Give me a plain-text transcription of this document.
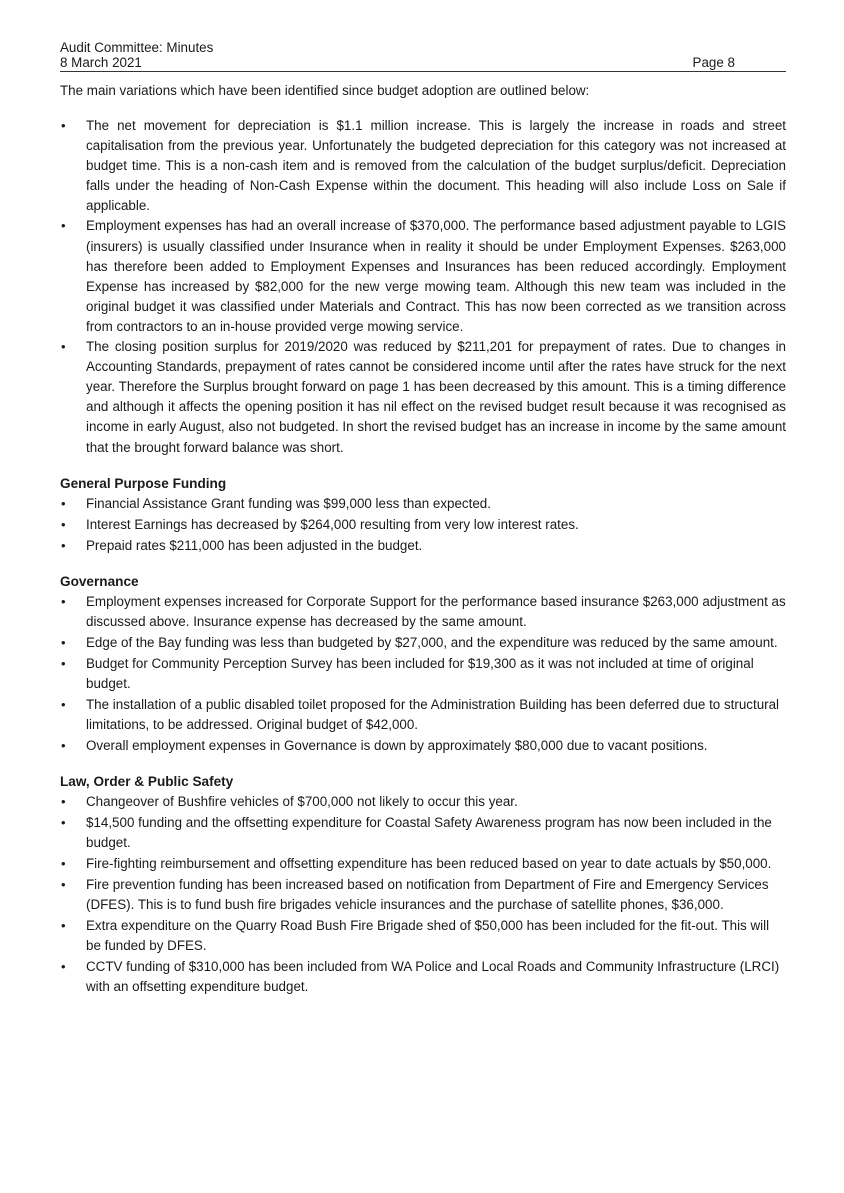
Audit Committee: Minutes
8 March 2021	Page 8
The main variations which have been identified since budget adoption are outlined below:
• The net movement for depreciation is $1.1 million increase. This is largely the increase in roads and street capitalisation from the previous year. Unfortunately the budgeted depreciation for this category was not increased at budget time. This is a non-cash item and is removed from the calculation of the budget surplus/deficit. Depreciation falls under the heading of Non-Cash Expense within the document. This heading will also include Loss on Sale if applicable.
• Employment expenses has had an overall increase of $370,000. The performance based adjustment payable to LGIS (insurers) is usually classified under Insurance when in reality it should be under Employment Expenses. $263,000 has therefore been added to Employment Expenses and Insurances has been reduced accordingly. Employment Expense has increased by $82,000 for the new verge mowing team. Although this new team was included in the original budget it was classified under Materials and Contract. This has now been corrected as we transition across from contractors to an in-house provided verge mowing service.
• The closing position surplus for 2019/2020 was reduced by $211,201 for prepayment of rates. Due to changes in Accounting Standards, prepayment of rates cannot be considered income until after the rates have struck for the next year. Therefore the Surplus brought forward on page 1 has been decreased by this amount. This is a timing difference and although it affects the opening position it has nil effect on the revised budget result because it was recognised as income in early August, also not budgeted. In short the revised budget has an increase in income by the same amount that the brought forward balance was short.
General Purpose Funding
• Financial Assistance Grant funding was $99,000 less than expected.
• Interest Earnings has decreased by $264,000 resulting from very low interest rates.
• Prepaid rates $211,000 has been adjusted in the budget.
Governance
• Employment expenses increased for Corporate Support for the performance based insurance $263,000 adjustment as discussed above. Insurance expense has decreased by the same amount.
• Edge of the Bay funding was less than budgeted by $27,000, and the expenditure was reduced by the same amount.
• Budget for Community Perception Survey has been included for $19,300 as it was not included at time of original budget.
• The installation of a public disabled toilet proposed for the Administration Building has been deferred due to structural limitations, to be addressed. Original budget of $42,000.
• Overall employment expenses in Governance is down by approximately $80,000 due to vacant positions.
Law, Order & Public Safety
• Changeover of Bushfire vehicles of $700,000 not likely to occur this year.
• $14,500 funding and the offsetting expenditure for Coastal Safety Awareness program has now been included in the budget.
• Fire-fighting reimbursement and offsetting expenditure has been reduced based on year to date actuals by $50,000.
• Fire prevention funding has been increased based on notification from Department of Fire and Emergency Services (DFES). This is to fund bush fire brigades vehicle insurances and the purchase of satellite phones, $36,000.
• Extra expenditure on the Quarry Road Bush Fire Brigade shed of $50,000 has been included for the fit-out. This will be funded by DFES.
• CCTV funding of $310,000 has been included from WA Police and Local Roads and Community Infrastructure (LRCI) with an offsetting expenditure budget.
